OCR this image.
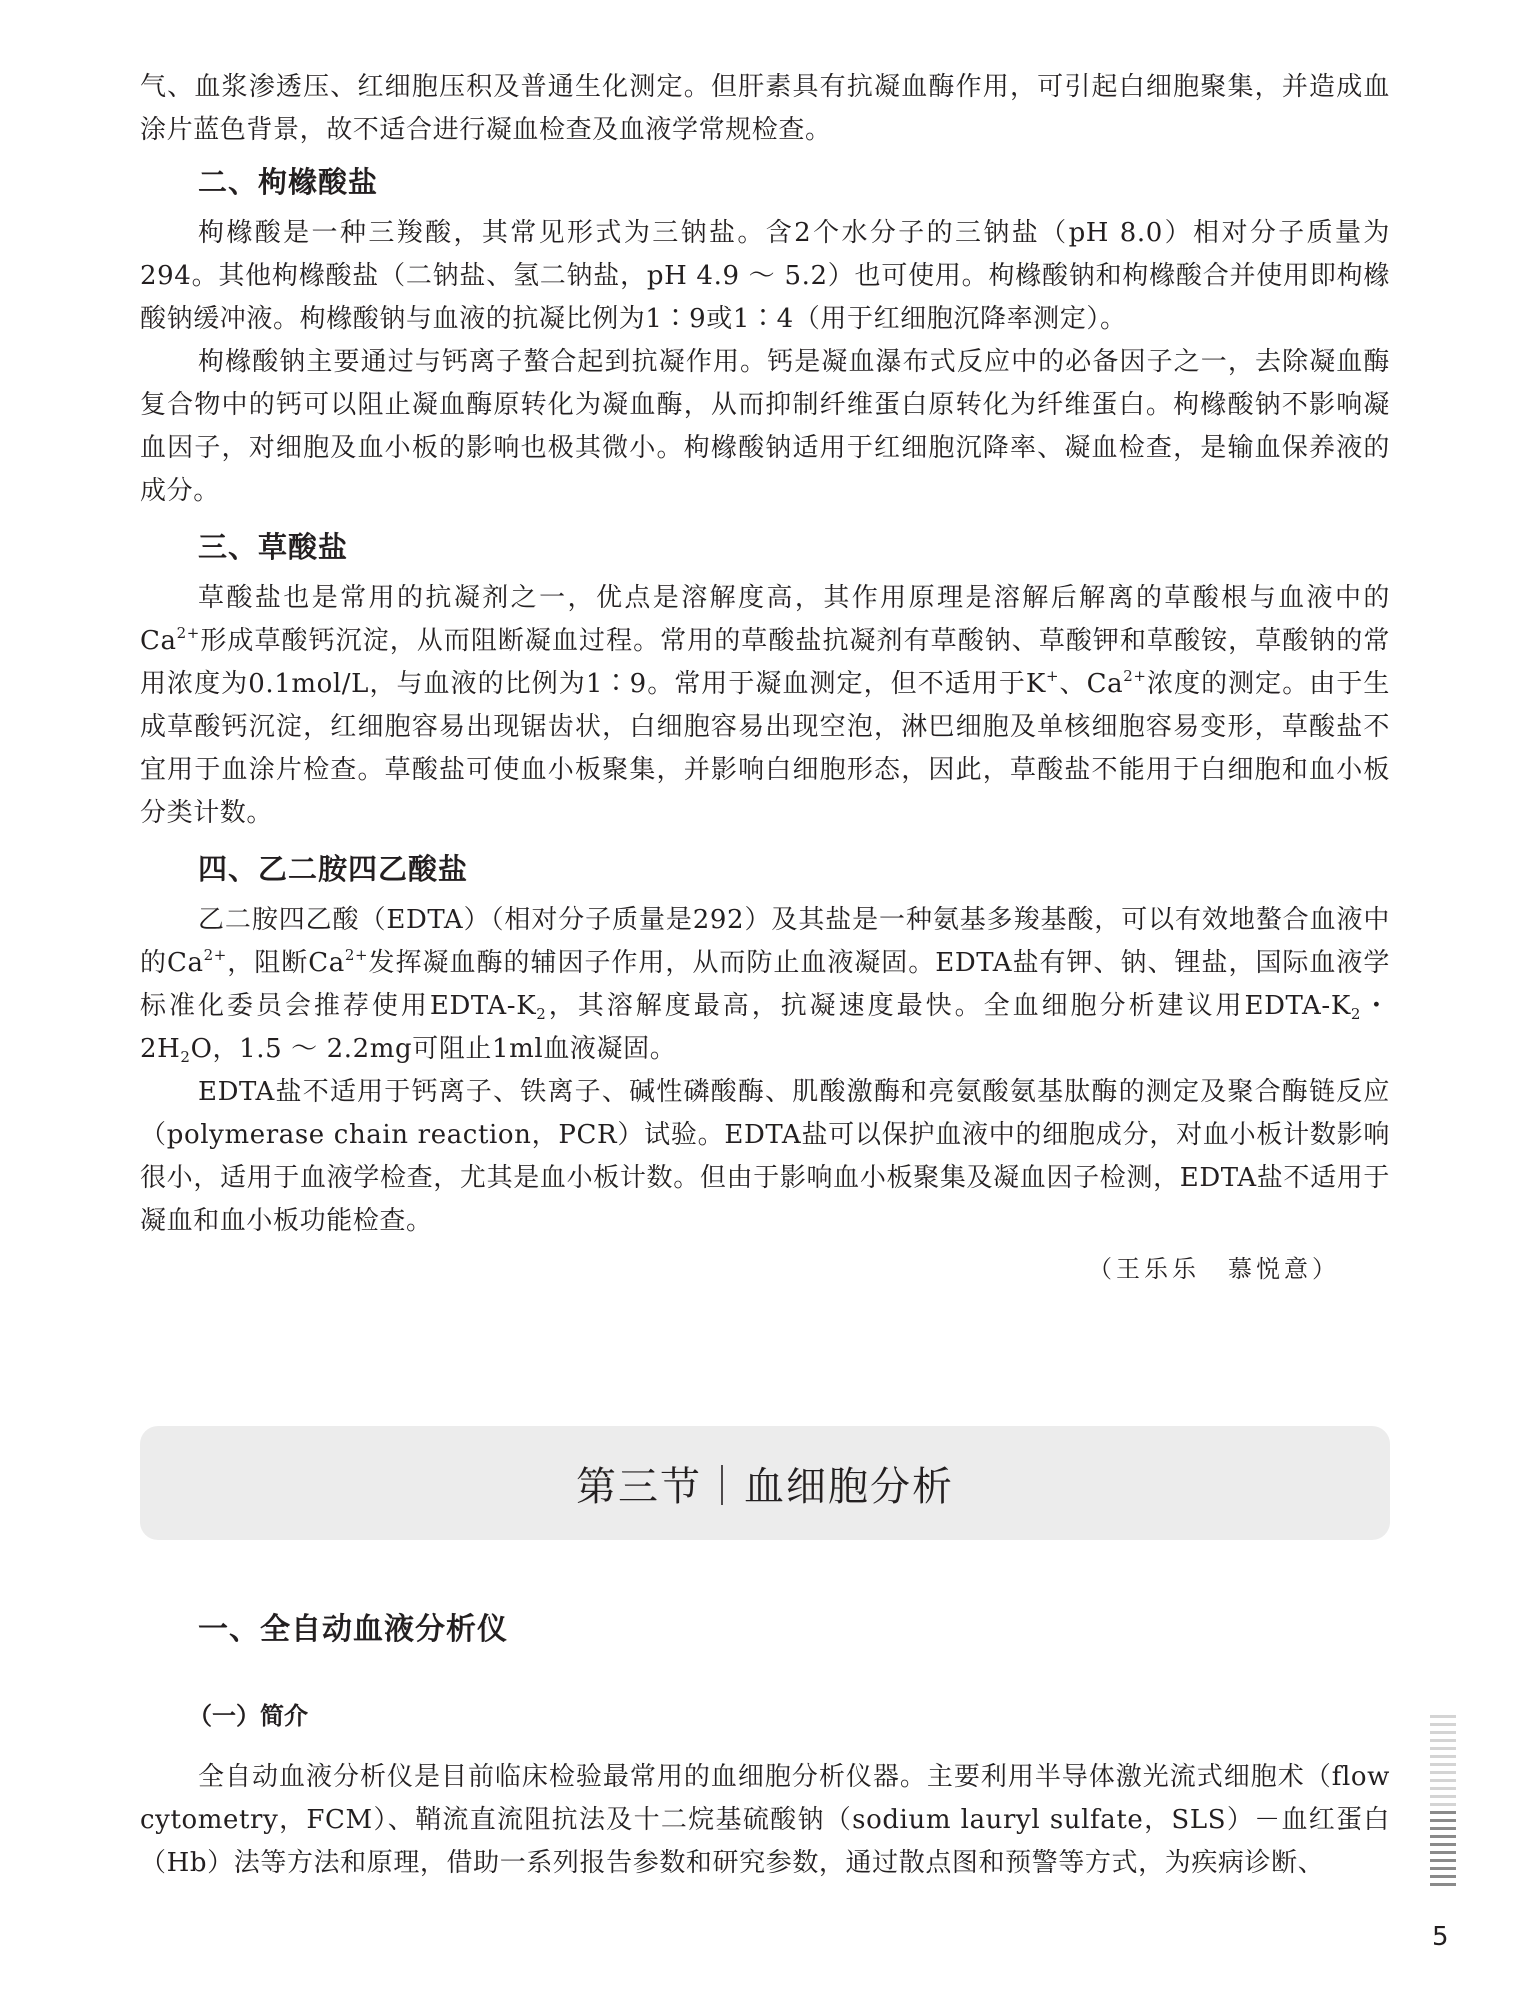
气、血浆渗透压、红细胞压积及普通生化测定。但肝素具有抗凝血酶作用，可引起白细胞聚集，并造成血涂片蓝色背景，故不适合进行凝血检查及血液学常规检查。

二、枸橼酸盐

枸橼酸是一种三羧酸，其常见形式为三钠盐。含2个水分子的三钠盐（pH 8.0）相对分子质量为294。其他枸橼酸盐（二钠盐、氢二钠盐，pH 4.9 ～ 5.2）也可使用。枸橼酸钠和枸橼酸合并使用即枸橼酸钠缓冲液。枸橼酸钠与血液的抗凝比例为1∶9或1∶4（用于红细胞沉降率测定）。

枸橼酸钠主要通过与钙离子螯合起到抗凝作用。钙是凝血瀑布式反应中的必备因子之一，去除凝血酶复合物中的钙可以阻止凝血酶原转化为凝血酶，从而抑制纤维蛋白原转化为纤维蛋白。枸橼酸钠不影响凝血因子，对细胞及血小板的影响也极其微小。枸橼酸钠适用于红细胞沉降率、凝血检查，是输血保养液的成分。

三、草酸盐

草酸盐也是常用的抗凝剂之一，优点是溶解度高，其作用原理是溶解后解离的草酸根与血液中的$Ca^{2+}$形成草酸钙沉淀，从而阻断凝血过程。常用的草酸盐抗凝剂有草酸钠、草酸钾和草酸铵，草酸钠的常用浓度为0.1mol/L，与血液的比例为1∶9。常用于凝血测定，但不适用于K+、$Ca^{2+}$浓度的测定。由于生成草酸钙沉淀，红细胞容易出现锯齿状，白细胞容易出现空泡，淋巴细胞及单核细胞容易变形，草酸盐不宜用于血涂片检查。草酸盐可使血小板聚集，并影响白细胞形态，因此，草酸盐不能用于白细胞和血小板分类计数。

四、乙二胺四乙酸盐

乙二胺四乙酸（EDTA）（相对分子质量是292）及其盐是一种氨基多羧基酸，可以有效地螯合血液中的$Ca^{2+}$，阻断$Ca^{2+}$发挥凝血酶的辅因子作用，从而防止血液凝固。EDTA盐有钾、钠、锂盐，国际血液学标准化委员会推荐使用EDTA-$K_2$，其溶解度最高，抗凝速度最快。全血细胞分析建议用EDTA-$K_2$・$2H_2O$，1.5 ～ 2.2mg可阻止1ml血液凝固。

EDTA盐不适用于钙离子、铁离子、碱性磷酸酶、肌酸激酶和亮氨酸氨基肽酶的测定及聚合酶链反应（polymerase chain reaction，PCR）试验。EDTA盐可以保护血液中的细胞成分，对血小板计数影响很小，适用于血液学检查，尤其是血小板计数。但由于影响血小板聚集及凝血因子检测，EDTA盐不适用于凝血和血小板功能检查。

（王乐乐　慕悦意）
第三节｜血细胞分析
一、全自动血液分析仪
（一）简介

全自动血液分析仪是目前临床检验最常用的血细胞分析仪器。主要利用半导体激光流式细胞术（flow cytometry，FCM）、鞘流直流阻抗法及十二烷基硫酸钠（sodium lauryl sulfate，SLS）－血红蛋白（Hb）法等方法和原理，借助一系列报告参数和研究参数，通过散点图和预警等方式，为疾病诊断、

5
